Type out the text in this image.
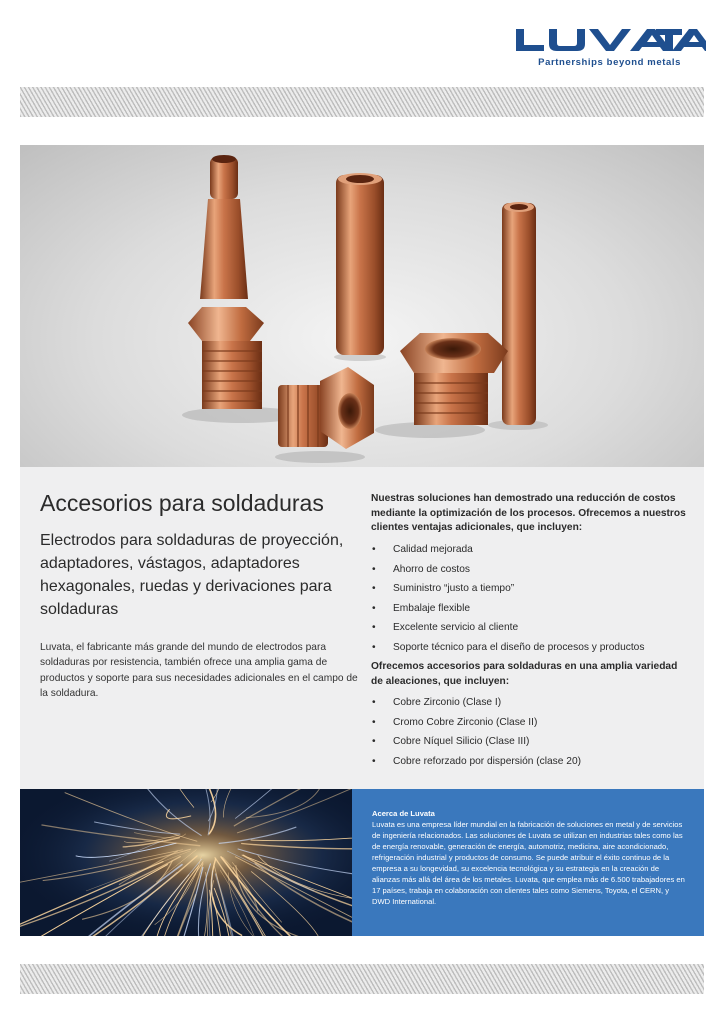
Partnerships beyond metals
Accesorios para soldaduras
Electrodos para soldaduras de proyección, adaptadores, vástagos, adaptadores hexagonales, ruedas y derivaciones para soldaduras

Luvata, el fabricante más grande del mundo de electrodos para soldaduras por resistencia, también ofrece una amplia gama de productos y soporte para sus necesidades adicionales en el campo de la soldadura.

Nuestras soluciones han demostrado una reducción de costos mediante la optimización de los procesos. Ofrecemos a nuestros clientes ventajas adicionales, que incluyen:

• Calidad mejorada
• Ahorro de costos
• Suministro “justo a tiempo”
• Embalaje flexible
• Excelente servicio al cliente
• Soporte técnico para el diseño de procesos y productos

Ofrecemos accesorios para soldaduras en una amplia variedad de aleaciones, que incluyen:

• Cobre Zirconio (Clase I)
• Cromo Cobre Zirconio (Clase II)
• Cobre Níquel Silicio (Clase III)
• Cobre reforzado por dispersión (clase 20)
Acerca de Luvata
Luvata es una empresa líder mundial en la fabricación de soluciones en metal y de servicios de ingeniería relacionados. Las soluciones de Luvata se utilizan en industrias tales como las de energía renovable, generación de energía, automotriz, medicina, aire acondicionado, refrigeración industrial y productos de consumo. Se puede atribuir el éxito continuo de la empresa a su longevidad, su excelencia tecnológica y su estrategia en la creación de alianzas más allá del área de los metales. Luvata, que emplea más de 6.500 trabajadores en 17 países, trabaja en colaboración con clientes tales como Siemens, Toyota, el CERN, y DWD International.
